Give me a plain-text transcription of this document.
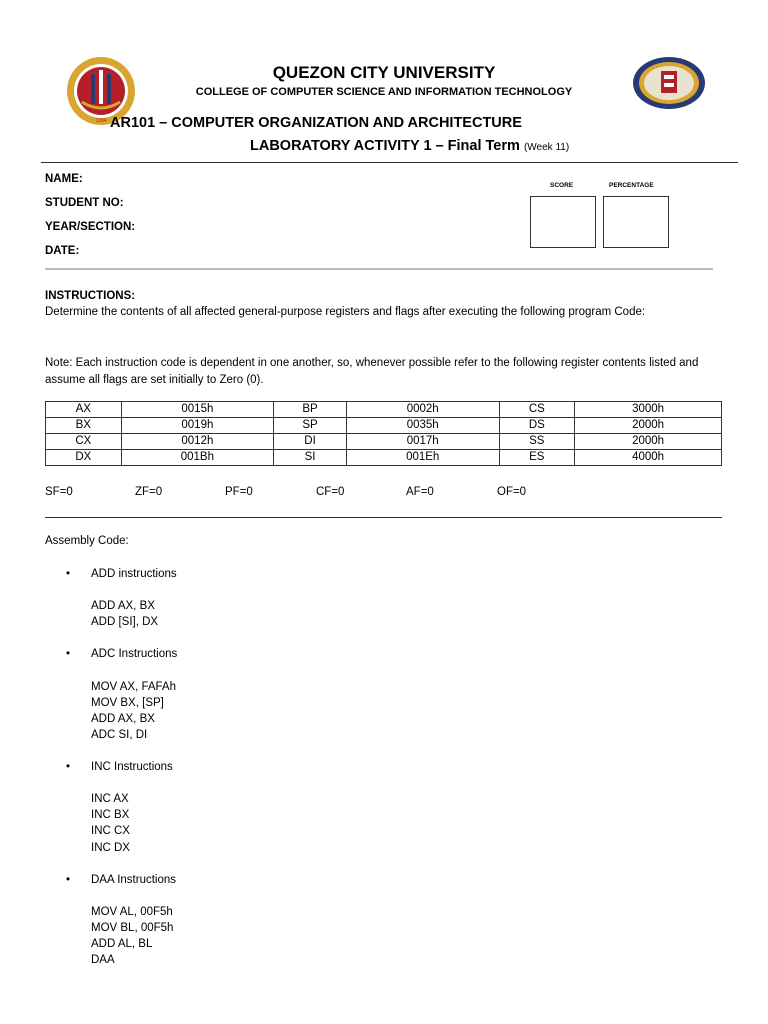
1994
QUEZON CITY UNIVERSITY
COLLEGE OF COMPUTER SCIENCE AND INFORMATION TECHNOLOGY
AR101 – COMPUTER ORGANIZATION AND ARCHITECTURE
LABORATORY ACTIVITY 1 – Final Term (Week 11)
NAME:
STUDENT NO:
YEAR/SECTION:
DATE:
SCORE	PERCENTAGE
INSTRUCTIONS:
Determine the contents of all affected general-purpose registers and flags after executing the following program Code:
Note: Each instruction code is dependent in one another, so, whenever possible refer to the following register contents listed and assume all flags are set initially to Zero (0).
AX	0015h	BP	0002h	CS	3000h
BX	0019h	SP	0035h	DS	2000h
CX	0012h	DI	0017h	SS	2000h
DX	001Bh	SI	001Eh	ES	4000h
SF=0	ZF=0	PF=0	CF=0	AF=0	OF=0
Assembly Code:
• ADD instructions
ADD AX, BX
ADD [SI], DX
• ADC Instructions
MOV AX, FAFAh
MOV BX, [SP]
ADD AX, BX
ADC SI, DI
• INC Instructions
INC AX
INC BX
INC CX
INC DX
• DAA Instructions
MOV AL, 00F5h
MOV BL, 00F5h
ADD AL, BL
DAA
